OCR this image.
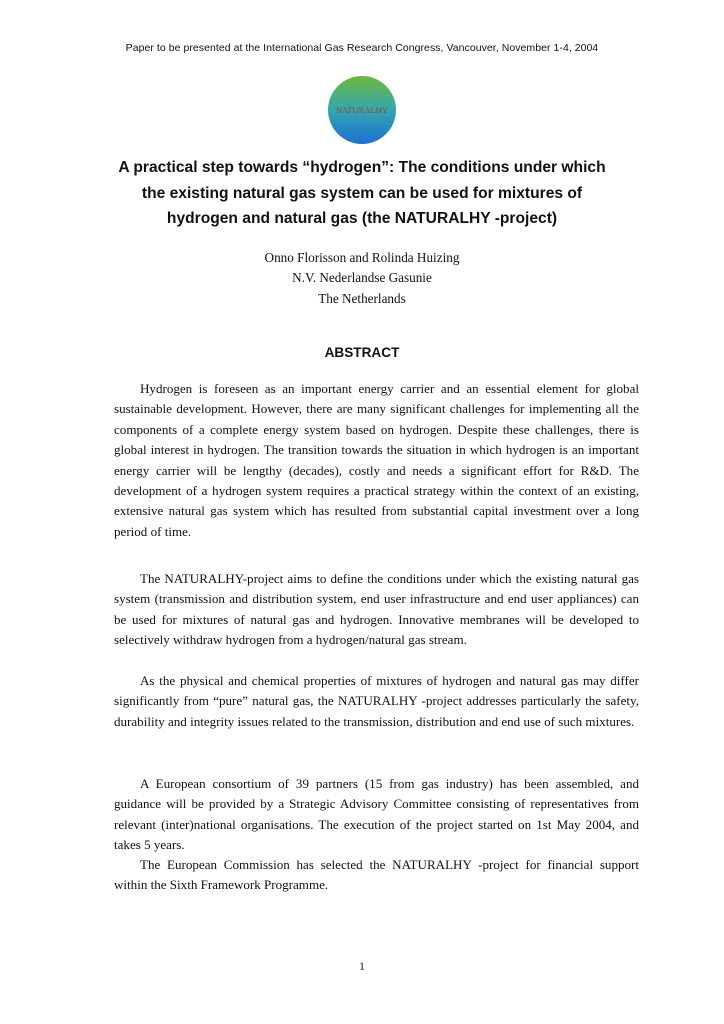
Paper to be presented at the International Gas Research Congress, Vancouver, November 1-4, 2004
NATURALHY
A practical step towards “hydrogen”: The conditions under which
the existing natural gas system can be used for mixtures of
hydrogen and natural gas (the NATURALHY -project)
Onno Florisson and Rolinda Huizing
N.V. Nederlandse Gasunie
The Netherlands
ABSTRACT

Hydrogen is foreseen as an important energy carrier and an essential element for global sustainable development. However, there are many significant challenges for implementing all the components of a complete energy system based on hydrogen. Despite these challenges, there is global interest in hydrogen. The transition towards the situation in which hydrogen is an important energy carrier will be lengthy (decades), costly and needs a significant effort for R&D. The development of a hydrogen system requires a practical strategy within the context of an existing, extensive natural gas system which has resulted from substantial capital investment over a long period of time.

The NATURALHY-project aims to define the conditions under which the existing natural gas system (transmission and distribution system, end user infrastructure and end user appliances) can be used for mixtures of natural gas and hydrogen. Innovative membranes will be developed to selectively withdraw hydrogen from a hydrogen/natural gas stream.

As the physical and chemical properties of mixtures of hydrogen and natural gas may differ significantly from “pure” natural gas, the NATURALHY -project addresses particularly the safety, durability and integrity issues related to the transmission, distribution and end use of such mixtures.

A European consortium of 39 partners (15 from gas industry) has been assembled, and guidance will be provided by a Strategic Advisory Committee consisting of representatives from relevant (inter)national organisations. The execution of the project started on 1st May 2004, and takes 5 years.

The European Commission has selected the NATURALHY -project for financial support within the Sixth Framework Programme.

1
